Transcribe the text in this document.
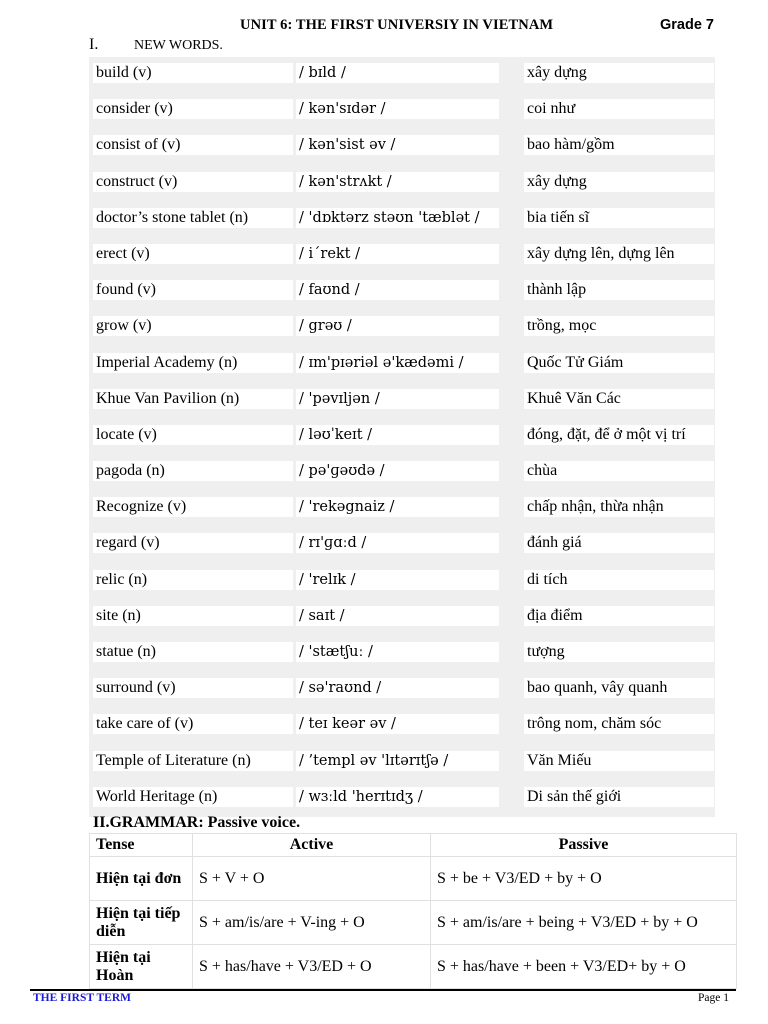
UNIT 6: THE FIRST UNIVERSIY IN VIETNAM	Grade 7
I.	NEW WORDS.
build (v)	/ bɪld /	xây dựng
consider (v)	/ kən'sɪdər /	coi như
consist of (v)	/ kən'sist əv /	bao hàm/gồm
construct (v)	/ kən'strʌkt /	xây dựng
doctor’s stone tablet (n)	/ 'dɒktərz stəʊn 'tæblət /	bia tiến sĩ
erect (v)	/ i΄rekt /	xây dựng lên, dựng lên
found (v)	/ faʊnd /	thành lập
grow (v)	/ grəʊ /	trồng, mọc
Imperial Academy (n)	/ ɪm'pɪəriəl ə'kædəmi /	Quốc Tử Giám
Khue Van Pavilion (n)	/ 'pəvɪljən /	Khuê Văn Các
locate (v)	/ ləʊˈkeɪt /	đóng, đặt, để ở một vị trí
pagoda (n)	/ pə'ɡəʊdə /	chùa
Recognize (v)	/ 'rekəgnaiz /	chấp nhận, thừa nhận
regard (v)	/ rɪ'ɡɑːd /	đánh giá
relic (n)	/ 'relɪk /	di tích
site (n)	/ saɪt /	địa điểm
statue (n)	/ 'stætʃuː /	tượng
surround (v)	/ sə'raʊnd /	bao quanh, vây quanh
take care of (v)	/ teɪ keər əv /	trông nom, chăm sóc
Temple of Literature (n)	/ ’templ əv 'lɪtərɪtʃə /	Văn Miếu
World Heritage (n)	/ wɜːld 'herɪtɪdʒ /	Di sản thế giới
II.GRAMMAR: Passive voice.
Tense	Active	Passive
Hiện tại đơn	S + V + O	S + be + V3/ED + by + O
Hiện tại tiếp diễn	S + am/is/are + V-ing + O	S + am/is/are + being + V3/ED + by + O
Hiện tại Hoàn	S + has/have + V3/ED + O	S + has/have + been + V3/ED+ by + O
THE FIRST TERM	Page 1
